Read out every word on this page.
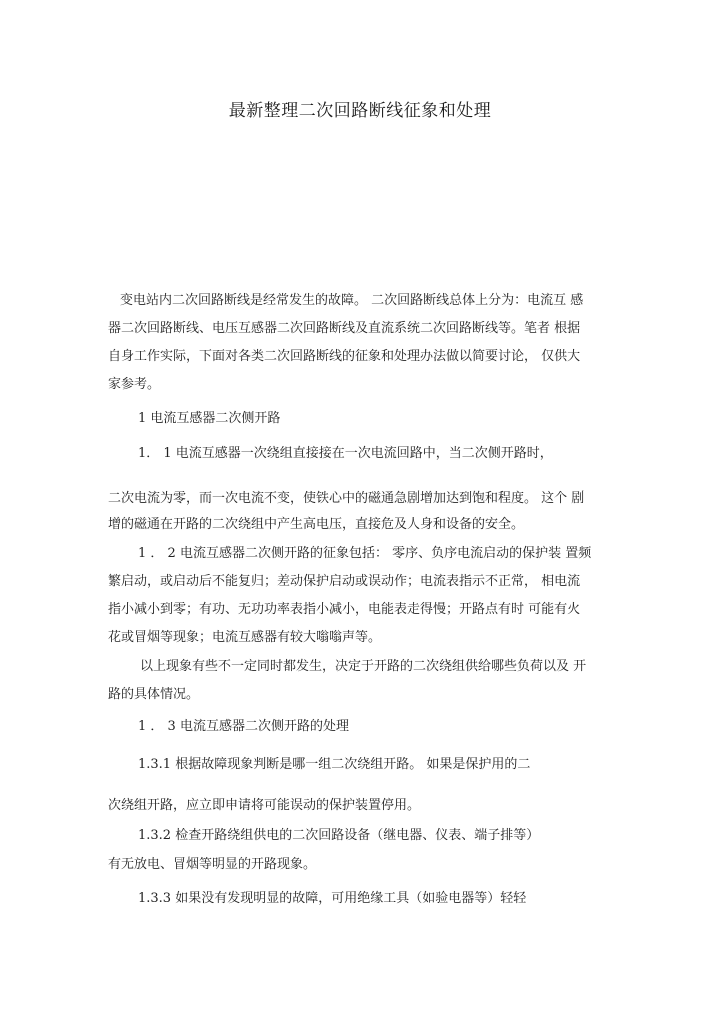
最新整理二次回路断线征象和处理
变电站内二次回路断线是经常发生的故障。 二次回路断线总体上分为：电流互 感
器二次回路断线、电压互感器二次回路断线及直流系统二次回路断线等。笔者 根据
自身工作实际，下面对各类二次回路断线的征象和处理办法做以简要讨论， 仅供大
家参考。
1 电流互感器二次侧开路
1． 1 电流互感器一次绕组直接接在一次电流回路中，当二次侧开路时，
二次电流为零，而一次电流不变，使铁心中的磁通急剧增加达到饱和程度。 这个 剧
增的磁通在开路的二次绕组中产生高电压，直接危及人身和设备的安全。
1 ． 2 电流互感器二次侧开路的征象包括： 零序、负序电流启动的保护装 置频
繁启动，或启动后不能复归；差动保护启动或误动作；电流表指示不正常， 相电流
指小减小到零；有功、无功功率表指小减小，电能表走得慢；开路点有时 可能有火
花或冒烟等现象；电流互感器有较大嗡嗡声等。
以上现象有些不一定同时都发生，决定于开路的二次绕组供给哪些负荷以及 开
路的具体情况。
1 ． 3 电流互感器二次侧开路的处理
1.3.1 根据故障现象判断是哪一组二次绕组开路。 如果是保护用的二
次绕组开路，应立即申请将可能误动的保护装置停用。
1.3.2 检查开路绕组供电的二次回路设备（继电器、仪表、端子排等）
有无放电、冒烟等明显的开路现象。
1.3.3 如果没有发现明显的故障，可用绝缘工具（如验电器等）轻轻
